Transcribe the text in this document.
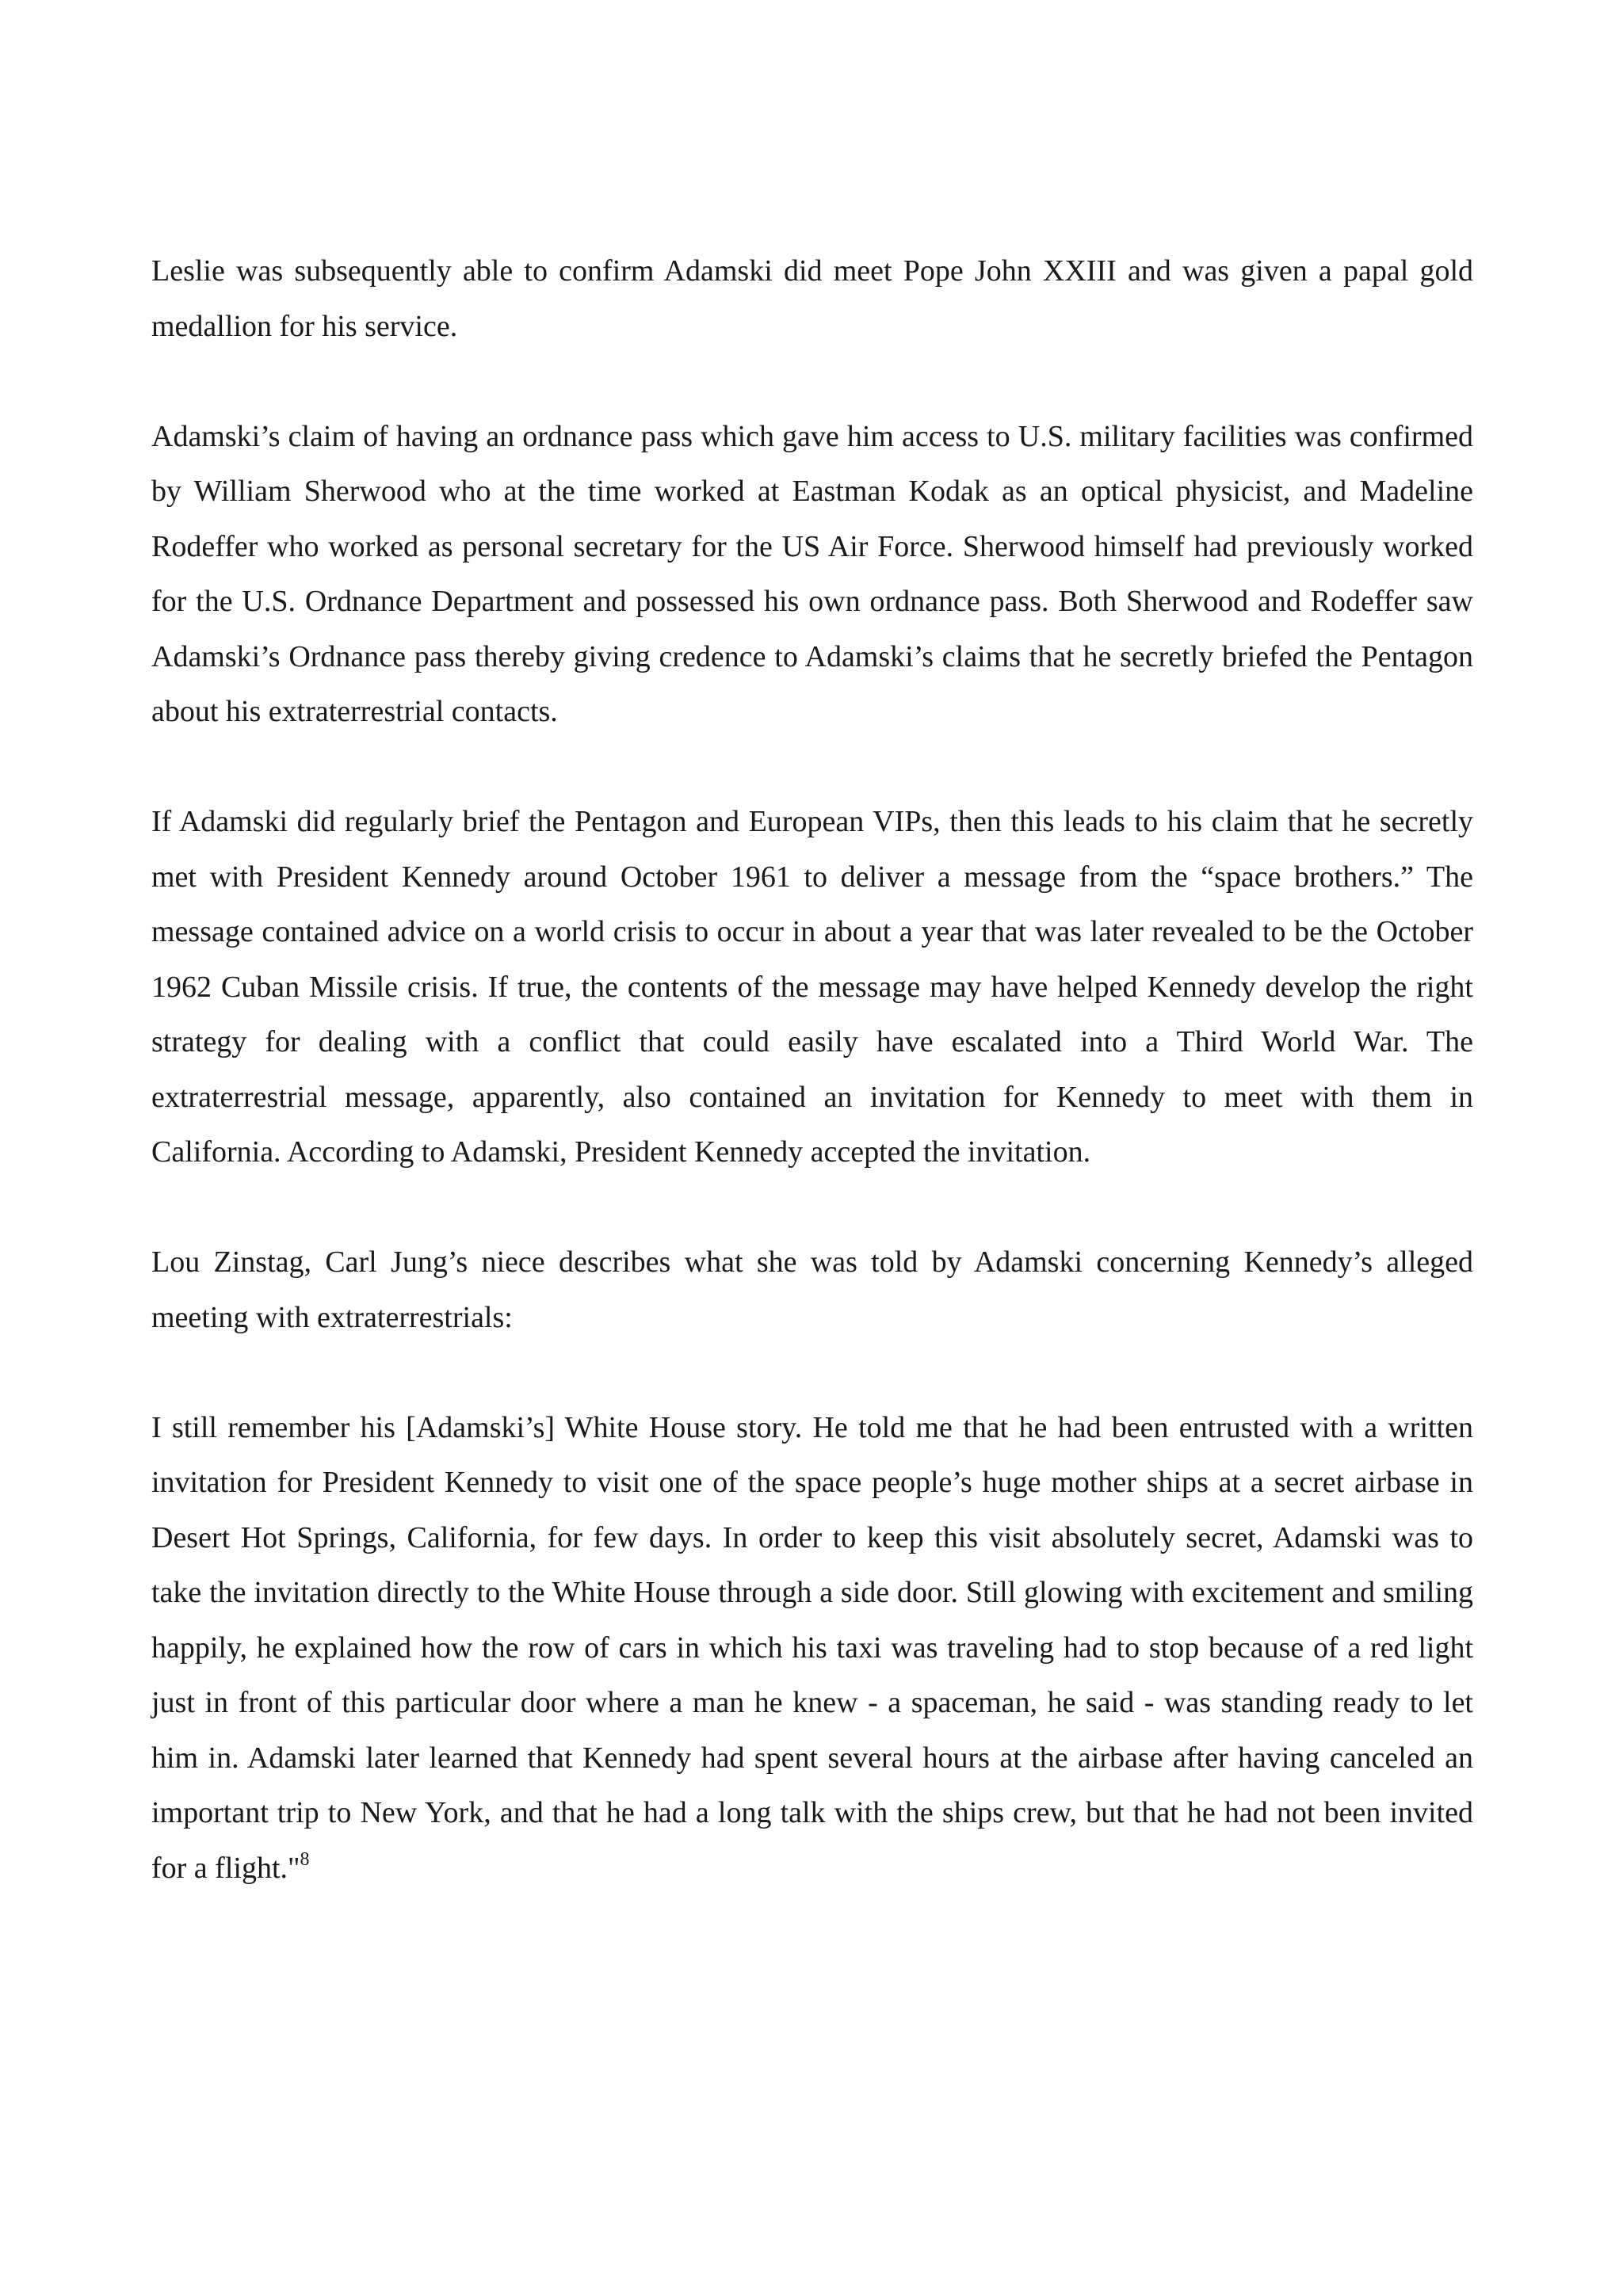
Leslie was subsequently able to confirm Adamski did meet Pope John XXIII and was given a papal gold medallion for his service.

Adamski’s claim of having an ordnance pass which gave him access to U.S. military facilities was confirmed by William Sherwood who at the time worked at Eastman Kodak as an optical physicist, and Madeline Rodeffer who worked as personal secretary for the US Air Force. Sherwood himself had previously worked for the U.S. Ordnance Department and possessed his own ordnance pass. Both Sherwood and Rodeffer saw Adamski’s Ordnance pass thereby giving credence to Adamski’s claims that he secretly briefed the Pentagon about his extraterrestrial contacts.

If Adamski did regularly brief the Pentagon and European VIPs, then this leads to his claim that he secretly met with President Kennedy around October 1961 to deliver a message from the “space brothers.” The message contained advice on a world crisis to occur in about a year that was later revealed to be the October 1962 Cuban Missile crisis. If true, the contents of the message may have helped Kennedy develop the right strategy for dealing with a conflict that could easily have escalated into a Third World War. The extraterrestrial message, apparently, also contained an invitation for Kennedy to meet with them in California. According to Adamski, President Kennedy accepted the invitation.

Lou Zinstag, Carl Jung’s niece describes what she was told by Adamski concerning Kennedy’s alleged meeting with extraterrestrials:

I still remember his [Adamski’s] White House story. He told me that he had been entrusted with a written invitation for President Kennedy to visit one of the space people’s huge mother ships at a secret airbase in Desert Hot Springs, California, for few days. In order to keep this visit absolutely secret, Adamski was to take the invitation directly to the White House through a side door. Still glowing with excitement and smiling happily, he explained how the row of cars in which his taxi was traveling had to stop because of a red light just in front of this particular door where a man he knew - a spaceman, he said - was standing ready to let him in. Adamski later learned that Kennedy had spent several hours at the airbase after having canceled an important trip to New York, and that he had a long talk with the ships crew, but that he had not been invited for a flight."$^8$
